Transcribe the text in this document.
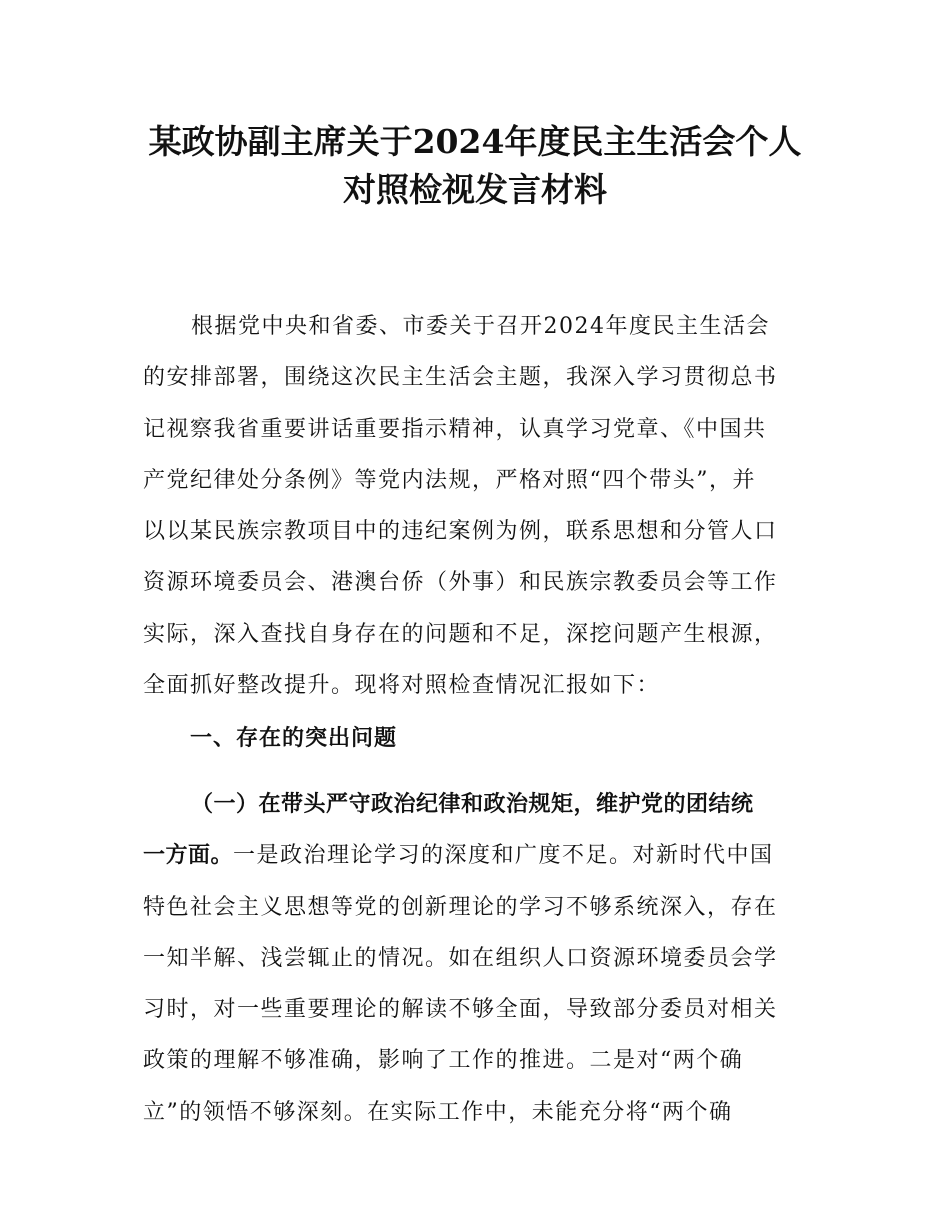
某政协副主席关于2024年度民主生活会个人
对照检视发言材料
根据党中央和省委、市委关于召开2024年度民主生活会
的安排部署，围绕这次民主生活会主题，我深入学习贯彻总书
记视察我省重要讲话重要指示精神，认真学习党章、《中国共
产党纪律处分条例》等党内法规，严格对照“四个带头”，并
以以某民族宗教项目中的违纪案例为例，联系思想和分管人口
资源环境委员会、港澳台侨（外事）和民族宗教委员会等工作
实际，深入查找自身存在的问题和不足，深挖问题产生根源，
全面抓好整改提升。现将对照检查情况汇报如下：
一、存在的突出问题
（一）在带头严守政治纪律和政治规矩，维护党的团结统
一方面。一是政治理论学习的深度和广度不足。对新时代中国
特色社会主义思想等党的创新理论的学习不够系统深入，存在
一知半解、浅尝辄止的情况。如在组织人口资源环境委员会学
习时，对一些重要理论的解读不够全面，导致部分委员对相关
政策的理解不够准确，影响了工作的推进。二是对“两个确
立”的领悟不够深刻。在实际工作中，未能充分将“两个确
